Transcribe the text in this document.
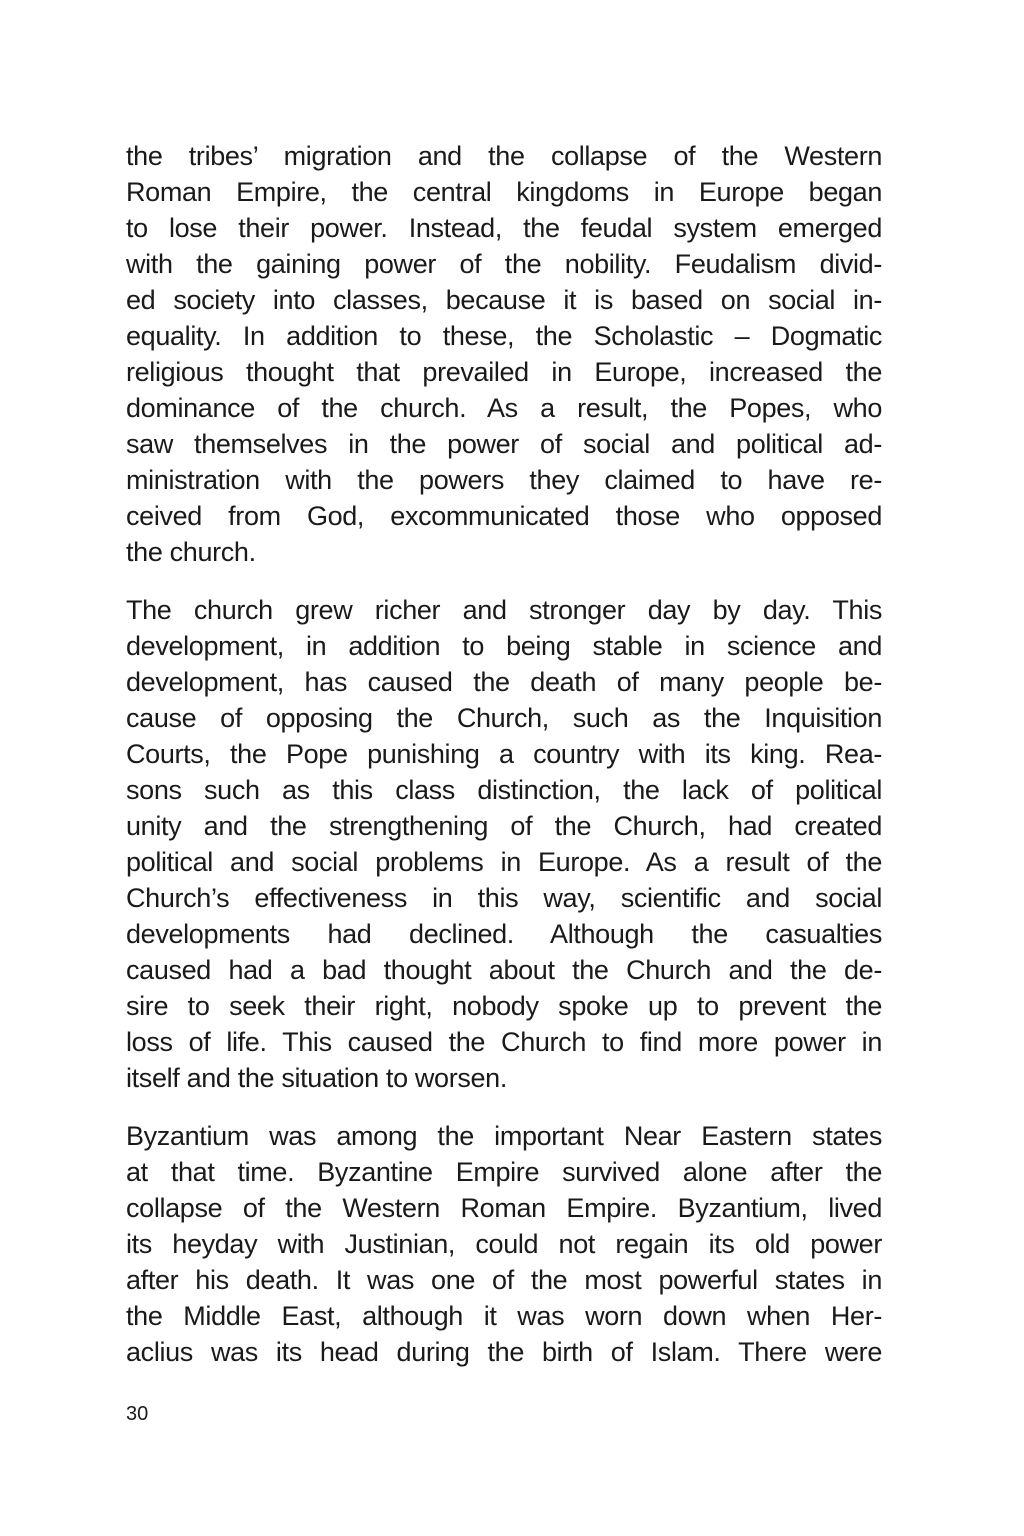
the tribes’ migration and the collapse of the Western
Roman Empire, the central kingdoms in Europe began
to lose their power. Instead, the feudal system emerged
with the gaining power of the nobility. Feudalism divid-
ed society into classes, because it is based on social in-
equality. In addition to these, the Scholastic – Dogmatic
religious thought that prevailed in Europe, increased the
dominance of the church. As a result, the Popes, who
saw themselves in the power of social and political ad-
ministration with the powers they claimed to have re-
ceived from God, excommunicated those who opposed
the church.
The church grew richer and stronger day by day. This
development, in addition to being stable in science and
development, has caused the death of many people be-
cause of opposing the Church, such as the Inquisition
Courts, the Pope punishing a country with its king. Rea-
sons such as this class distinction, the lack of political
unity and the strengthening of the Church, had created
political and social problems in Europe. As a result of the
Church’s effectiveness in this way, scientific and social
developments had declined. Although the casualties
caused had a bad thought about the Church and the de-
sire to seek their right, nobody spoke up to prevent the
loss of life. This caused the Church to find more power in
itself and the situation to worsen.
Byzantium was among the important Near Eastern states
at that time. Byzantine Empire survived alone after the
collapse of the Western Roman Empire. Byzantium, lived
its heyday with Justinian, could not regain its old power
after his death. It was one of the most powerful states in
the Middle East, although it was worn down when Her-
aclius was its head during the birth of Islam. There were
30
